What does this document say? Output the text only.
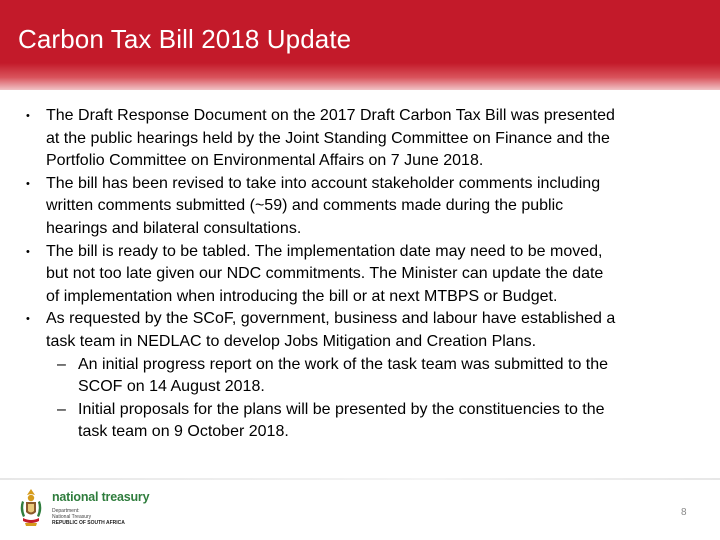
Carbon Tax Bill 2018 Update
• The Draft Response Document on the 2017 Draft Carbon Tax Bill was presented
at the public hearings held by the Joint Standing Committee on Finance and the
Portfolio Committee on Environmental Affairs on 7 June 2018.
• The bill has been revised to take into account stakeholder comments including
written comments submitted (~59) and comments made during the public
hearings and bilateral consultations.
• The bill is ready to be tabled. The implementation date may need to be moved,
but not too late given our NDC commitments. The Minister can update the date
of implementation when introducing the bill or at next MTBPS or Budget.
• As requested by the SCoF, government, business and labour have established a
task team in NEDLAC to develop Jobs Mitigation and Creation Plans.
– An initial progress report on the work of the task team was submitted to the
SCOF on 14 August 2018.
– Initial proposals for the plans will be presented by the constituencies to the
task team on 9 October 2018.
national treasury
Department:
National Treasury
REPUBLIC OF SOUTH AFRICA
8
